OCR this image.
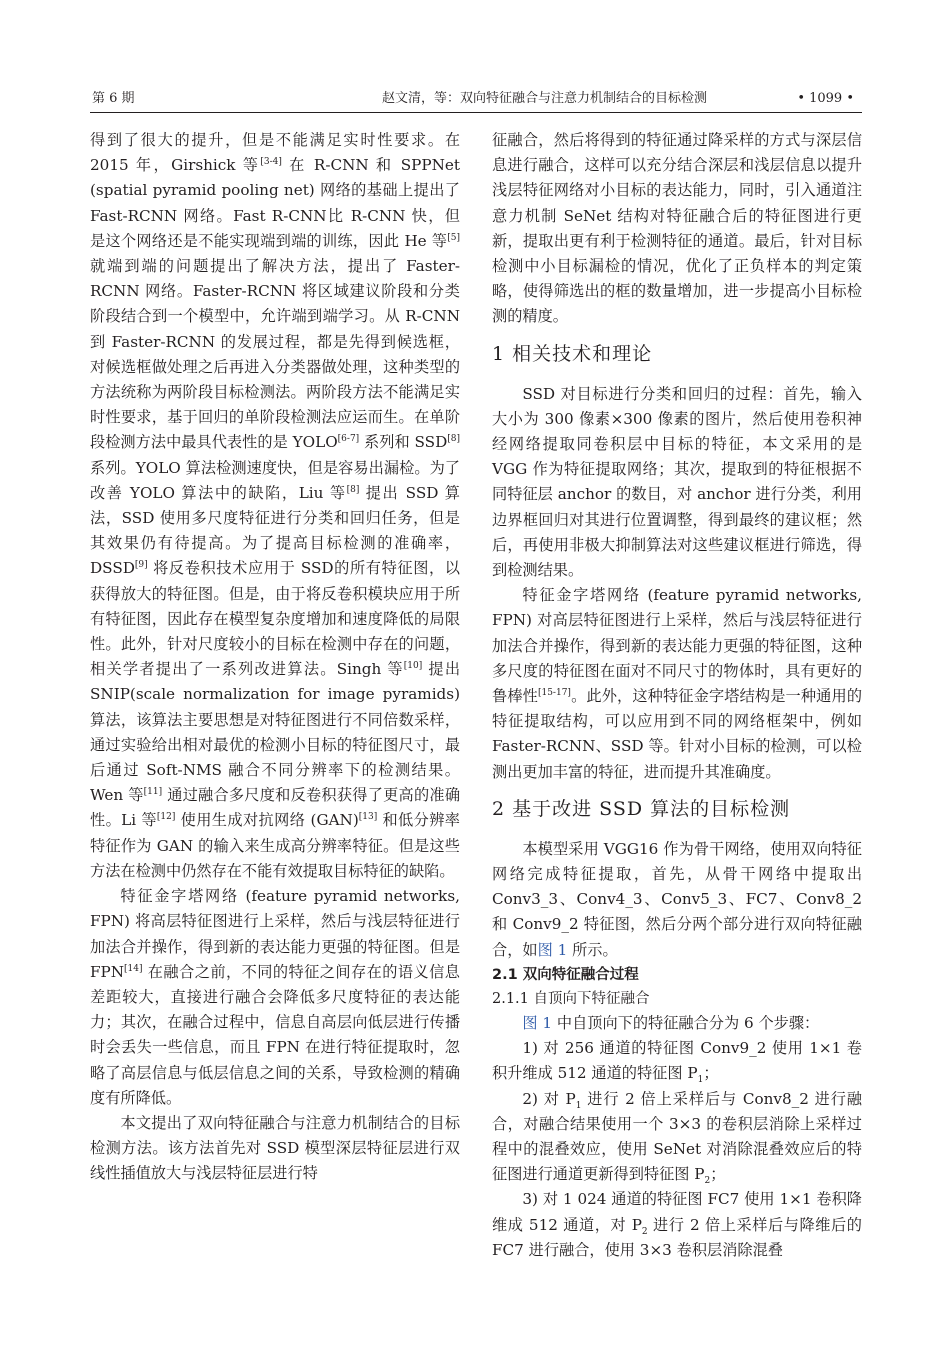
第 6 期	赵文清，等：双向特征融合与注意力机制结合的目标检测	• 1099 •

得到了很大的提升，但是不能满足实时性要求。在 2015 年，Girshick 等[3-4] 在 R-CNN 和 SPPNet (spatial pyramid pooling net) 网络的基础上提出了 Fast-RCNN 网络。Fast R-CNN比 R-CNN 快，但是这个网络还是不能实现端到端的训练，因此 He 等[5] 就端到端的问题提出了解决方法，提出了 Faster-RCNN 网络。Faster-RCNN 将区域建议阶段和分类阶段结合到一个模型中，允许端到端学习。从 R-CNN 到 Faster-RCNN 的发展过程，都是先得到候选框，对候选框做处理之后再进入分类器做处理，这种类型的方法统称为两阶段目标检测法。两阶段方法不能满足实时性要求，基于回归的单阶段检测法应运而生。在单阶段检测方法中最具代表性的是 YOLO[6-7] 系列和 SSD[8] 系列。YOLO 算法检测速度快，但是容易出漏检。为了改善 YOLO 算法中的缺陷，Liu 等[8] 提出 SSD 算法，SSD 使用多尺度特征进行分类和回归任务，但是其效果仍有待提高。为了提高目标检测的准确率，DSSD[9] 将反卷积技术应用于 SSD的所有特征图，以获得放大的特征图。但是，由于将反卷积模块应用于所有特征图，因此存在模型复杂度增加和速度降低的局限性。此外，针对尺度较小的目标在检测中存在的问题，相关学者提出了一系列改进算法。Singh 等[10] 提出 SNIP(scale normalization for image pyramids) 算法，该算法主要思想是对特征图进行不同倍数采样，通过实验给出相对最优的检测小目标的特征图尺寸，最后通过 Soft-NMS 融合不同分辨率下的检测结果。Wen 等[11] 通过融合多尺度和反卷积获得了更高的准确性。Li 等[12] 使用生成对抗网络 (GAN)[13] 和低分辨率特征作为 GAN 的输入来生成高分辨率特征。但是这些方法在检测中仍然存在不能有效提取目标特征的缺陷。

特征金字塔网络 (feature pyramid networks, FPN) 将高层特征图进行上采样，然后与浅层特征进行加法合并操作，得到新的表达能力更强的特征图。但是 FPN[14] 在融合之前，不同的特征之间存在的语义信息差距较大，直接进行融合会降低多尺度特征的表达能力；其次，在融合过程中，信息自高层向低层进行传播时会丢失一些信息，而且 FPN 在进行特征提取时，忽略了高层信息与低层信息之间的关系，导致检测的精确度有所降低。

本文提出了双向特征融合与注意力机制结合的目标检测方法。该方法首先对 SSD 模型深层特征层进行双线性插值放大与浅层特征层进行特

征融合，然后将得到的特征通过降采样的方式与深层信息进行融合，这样可以充分结合深层和浅层信息以提升浅层特征网络对小目标的表达能力，同时，引入通道注意力机制 SeNet 结构对特征融合后的特征图进行更新，提取出更有利于检测特征的通道。最后，针对目标检测中小目标漏检的情况，优化了正负样本的判定策略，使得筛选出的框的数量增加，进一步提高小目标检测的精度。

1 相关技术和理论

SSD 对目标进行分类和回归的过程：首先，输入大小为 300 像素×300 像素的图片，然后使用卷积神经网络提取同卷积层中目标的特征，本文采用的是 VGG 作为特征提取网络；其次，提取到的特征根据不同特征层 anchor 的数目，对 anchor 进行分类，利用边界框回归对其进行位置调整，得到最终的建议框；然后，再使用非极大抑制算法对这些建议框进行筛选，得到检测结果。

特征金字塔网络 (feature pyramid networks, FPN) 对高层特征图进行上采样，然后与浅层特征进行加法合并操作，得到新的表达能力更强的特征图，这种多尺度的特征图在面对不同尺寸的物体时，具有更好的鲁棒性[15-17]。此外，这种特征金字塔结构是一种通用的特征提取结构，可以应用到不同的网络框架中，例如 Faster-RCNN、SSD 等。针对小目标的检测，可以检测出更加丰富的特征，进而提升其准确度。

2 基于改进 SSD 算法的目标检测

本模型采用 VGG16 作为骨干网络，使用双向特征网络完成特征提取，首先，从骨干网络中提取出 Conv3_3、Conv4_3、Conv5_3、FC7、Conv8_2 和 Conv9_2 特征图，然后分两个部分进行双向特征融合，如图 1 所示。

2.1 双向特征融合过程

2.1.1 自顶向下特征融合

图 1 中自顶向下的特征融合分为 6 个步骤：

1) 对 256 通道的特征图 Conv9_2 使用 1×1 卷积升维成 512 通道的特征图 $P_1$；

2) 对 $P_1$ 进行 2 倍上采样后与 Conv8_2 进行融合，对融合结果使用一个 3×3 的卷积层消除上采样过程中的混叠效应，使用 SeNet 对消除混叠效应后的特征图进行通道更新得到特征图 $P_2$；

3) 对 1 024 通道的特征图 FC7 使用 1×1 卷积降维成 512 通道，对 $P_2$ 进行 2 倍上采样后与降维后的 FC7 进行融合，使用 3×3 卷积层消除混叠
